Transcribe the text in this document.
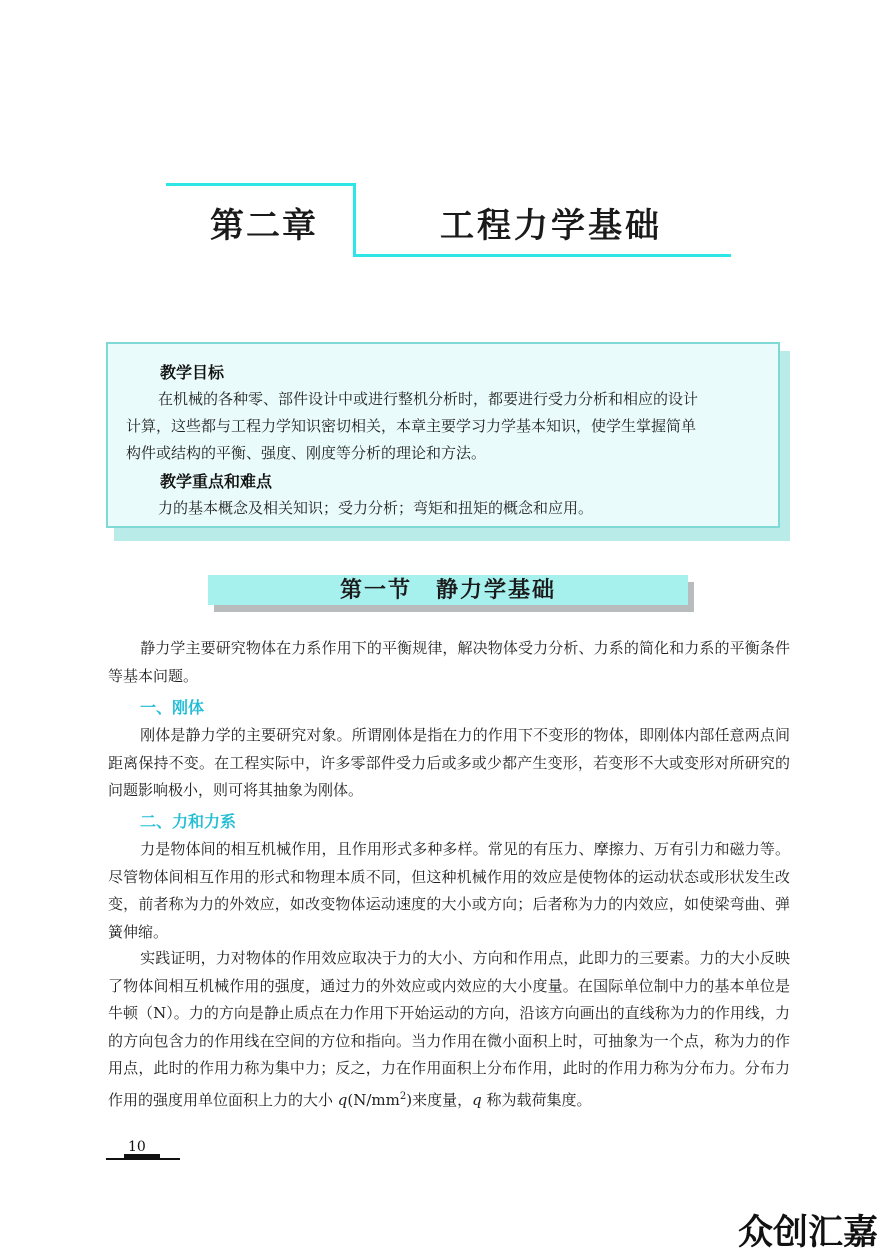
第二章	工程力学基础
教学目标
在机械的各种零、部件设计中或进行整机分析时，都要进行受力分析和相应的设计
计算，这些都与工程力学知识密切相关，本章主要学习力学基本知识，使学生掌握简单
构件或结构的平衡、强度、刚度等分析的理论和方法。
教学重点和难点
力的基本概念及相关知识；受力分析；弯矩和扭矩的概念和应用。
第一节　静力学基础
静力学主要研究物体在力系作用下的平衡规律，解决物体受力分析、力系的简化和力系的平衡条件等基本问题。
一、刚体
刚体是静力学的主要研究对象。所谓刚体是指在力的作用下不变形的物体，即刚体内部任意两点间距离保持不变。在工程实际中，许多零部件受力后或多或少都产生变形，若变形不大或变形对所研究的问题影响极小，则可将其抽象为刚体。
二、力和力系
力是物体间的相互机械作用，且作用形式多种多样。常见的有压力、摩擦力、万有引力和磁力等。尽管物体间相互作用的形式和物理本质不同，但这种机械作用的效应是使物体的运动状态或形状发生改变，前者称为力的外效应，如改变物体运动速度的大小或方向；后者称为力的内效应，如使梁弯曲、弹簧伸缩。
实践证明，力对物体的作用效应取决于力的大小、方向和作用点，此即力的三要素。力的大小反映了物体间相互机械作用的强度，通过力的外效应或内效应的大小度量。在国际单位制中力的基本单位是牛顿（N）。力的方向是静止质点在力作用下开始运动的方向，沿该方向画出的直线称为力的作用线，力的方向包含力的作用线在空间的方位和指向。当力作用在微小面积上时，可抽象为一个点，称为力的作用点，此时的作用力称为集中力；反之，力在作用面积上分布作用，此时的作用力称为分布力。分布力作用的强度用单位面积上力的大小 $q(N/mm^2)$来度量，q 称为载荷集度。
10
众创汇嘉
